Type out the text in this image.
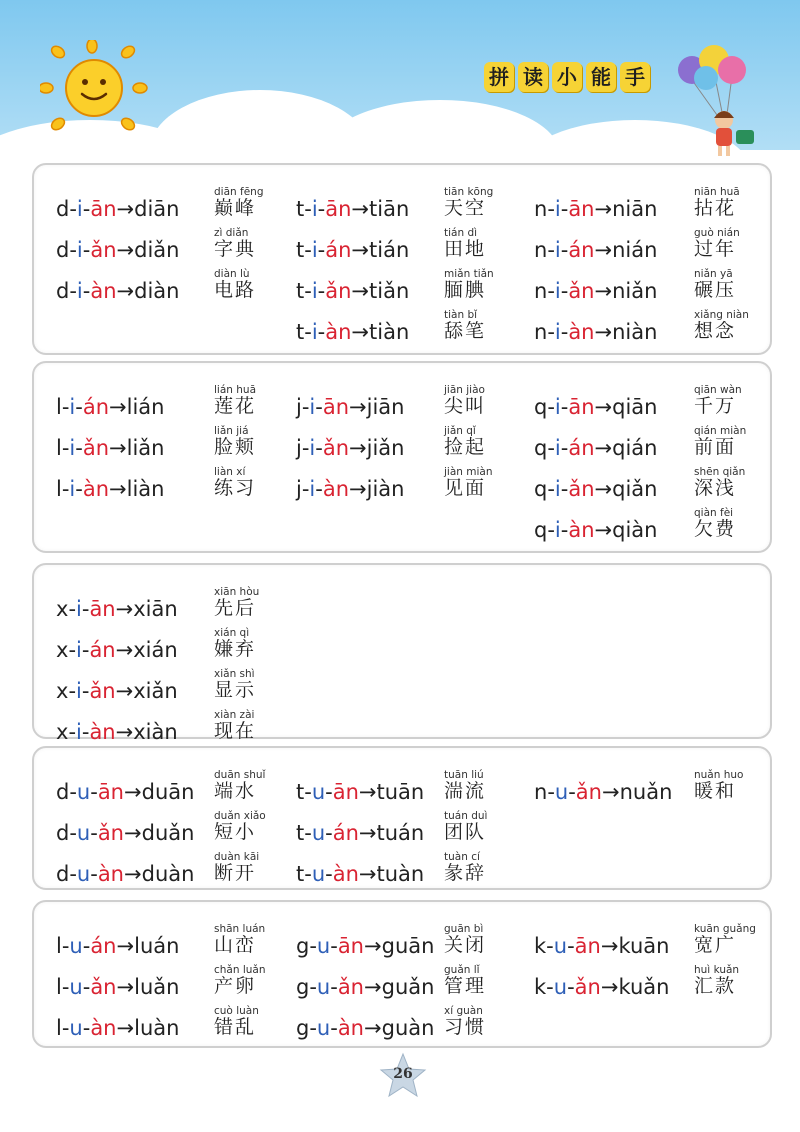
拼 读 小 能 手
d-i-ān→diān
diān fēng
巅峰
d-i-ǎn→diǎn
zì diǎn
字典
d-i-àn→diàn
diàn lù
电路
t-i-ān→tiān
tiān kōng
天空
t-i-án→tián
tián dì
田地
t-i-ǎn→tiǎn
miǎn tiǎn
腼腆
t-i-àn→tiàn
tiàn bǐ
舔笔
n-i-ān→niān
niān huā
拈花
n-i-án→nián
guò nián
过年
n-i-ǎn→niǎn
niǎn yā
碾压
n-i-àn→niàn
xiǎng niàn
想念
l-i-án→lián
lián huā
莲花
l-i-ǎn→liǎn
liǎn jiá
脸颊
l-i-àn→liàn
liàn xí
练习
j-i-ān→jiān
jiān jiào
尖叫
j-i-ǎn→jiǎn
jiǎn qǐ
捡起
j-i-àn→jiàn
jiàn miàn
见面
q-i-ān→qiān
qiān wàn
千万
q-i-án→qián
qián miàn
前面
q-i-ǎn→qiǎn
shēn qiǎn
深浅
q-i-àn→qiàn
qiàn fèi
欠费
x-i-ān→xiān
xiān hòu
先后
x-i-án→xián
xián qì
嫌弃
x-i-ǎn→xiǎn
xiǎn shì
显示
x-i-àn→xiàn
xiàn zài
现在
d-u-ān→duān
duān shuǐ
端水
d-u-ǎn→duǎn
duǎn xiǎo
短小
d-u-àn→duàn
duàn kāi
断开
t-u-ān→tuān
tuān liú
湍流
t-u-án→tuán
tuán duì
团队
t-u-àn→tuàn
tuàn cí
彖辞
n-u-ǎn→nuǎn
nuǎn huo
暖和
l-u-án→luán
shān luán
山峦
l-u-ǎn→luǎn
chǎn luǎn
产卵
l-u-àn→luàn
cuò luàn
错乱
g-u-ān→guān
guān bì
关闭
g-u-ǎn→guǎn
guǎn lǐ
管理
g-u-àn→guàn
xí guàn
习惯
k-u-ān→kuān
kuān guǎng
宽广
k-u-ǎn→kuǎn
huì kuǎn
汇款
26
